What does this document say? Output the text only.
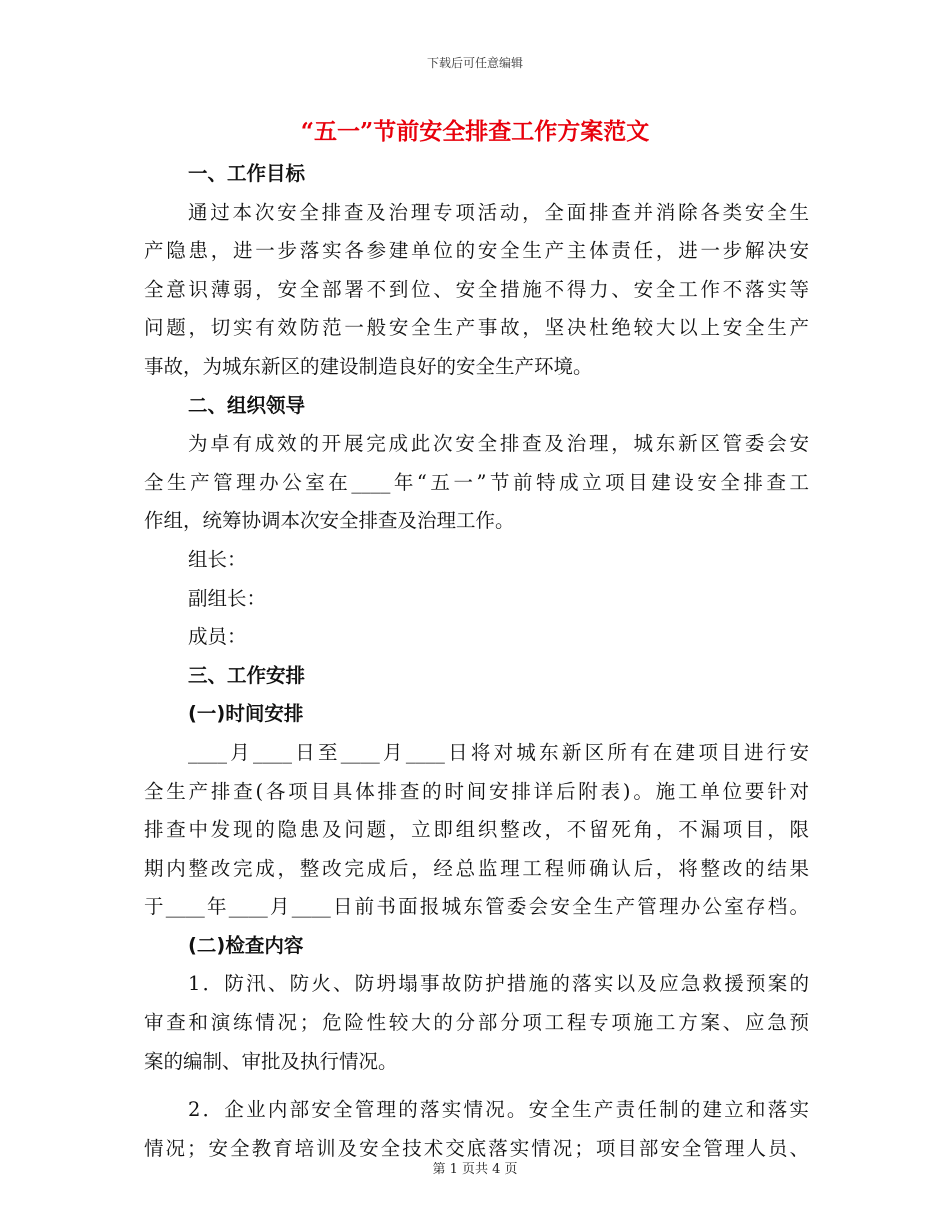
下载后可任意编辑
“五一”节前安全排查工作方案范文
一、工作目标
通过本次安全排查及治理专项活动，全面排查并消除各类安全生
产隐患，进一步落实各参建单位的安全生产主体责任，进一步解决安
全意识薄弱，安全部署不到位、安全措施不得力、安全工作不落实等
问题，切实有效防范一般安全生产事故，坚决杜绝较大以上安全生产
事故，为城东新区的建设制造良好的安全生产环境。
二、组织领导
为卓有成效的开展完成此次安全排查及治理，城东新区管委会安
全生产管理办公室在____年“五一”节前特成立项目建设安全排查工
作组，统筹协调本次安全排查及治理工作。
组长：
副组长：
成员：
三、工作安排
(一)时间安排
____月____日至____月____日将对城东新区所有在建项目进行安
全生产排查(各项目具体排查的时间安排详后附表)。施工单位要针对
排查中发现的隐患及问题，立即组织整改，不留死角，不漏项目，限
期内整改完成，整改完成后，经总监理工程师确认后，将整改的结果
于____年____月____日前书面报城东管委会安全生产管理办公室存档。
(二)检查内容
1．防汛、防火、防坍塌事故防护措施的落实以及应急救援预案的
审查和演练情况；危险性较大的分部分项工程专项施工方案、应急预
案的编制、审批及执行情况。
2．企业内部安全管理的落实情况。安全生产责任制的建立和落实
情况；安全教育培训及安全技术交底落实情况；项目部安全管理人员、
第 1 页共 4 页
